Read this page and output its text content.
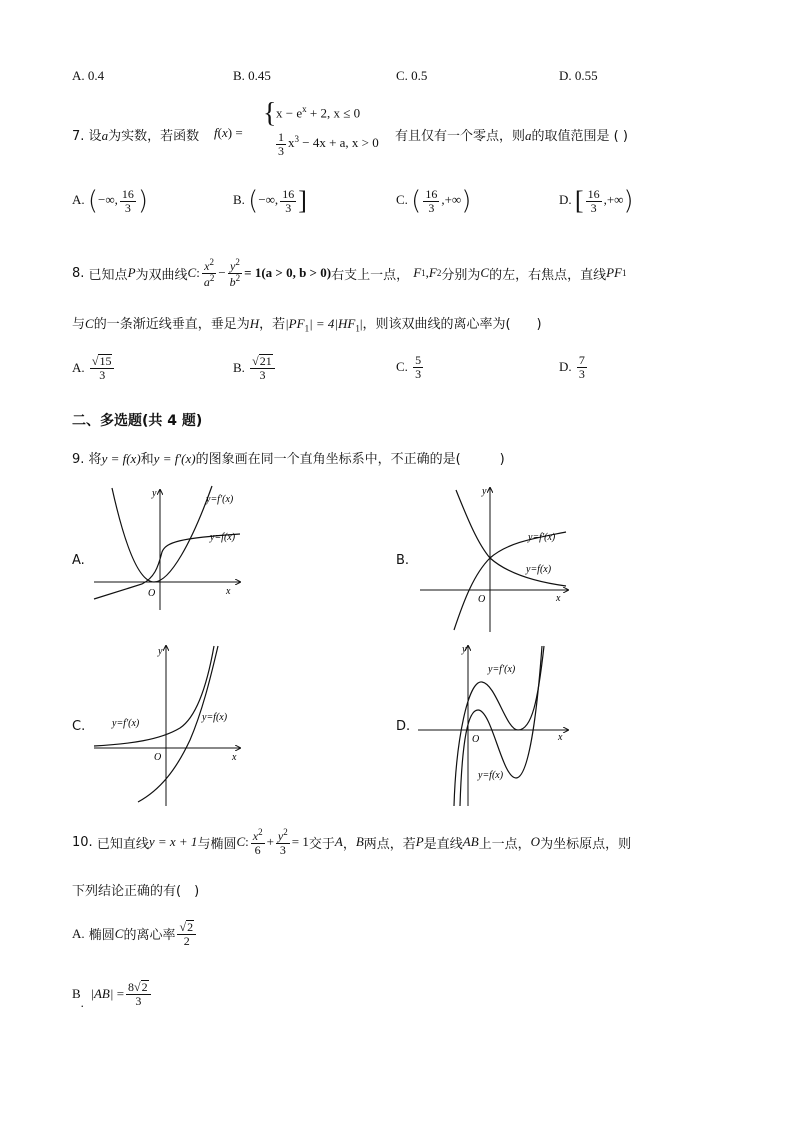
A. 0.4	B. 0.45	C. 0.5	D. 0.55
7. 设a为实数，若函数 f(x) =
{ $x - e^x + 2$, x ≤ 0
$\frac{1}{3} x^3 - 4x + a$, x > 0 有且仅有一个零点，则a的取值范围是 ( )
A. (−∞, $\frac{16}{3}$ )	B. (−∞, $\frac{16}{3}$ ]	C. ( $\frac{16}{3}$ ,+∞)	D. [ $\frac{16}{3}$ ,+∞)
8.
已知点 P 为双曲线 C : $\frac{x^2}{a^2} - \frac{y^2}{b^2} = 1$ (a > 0, b > 0) 右支上一点，
F 1 , F 2 分别为 C 的左，右焦点，直线 PF 1
与C的一条渐近线垂直，垂足为H，若$|PF_1| = 4|HF_1|$，则该双曲线的离心率为(　　)
A.
$\frac{√15}{3}$	B.
$\frac{√21}{3}$	C.
$\frac{5}{3}$	D.
$\frac{7}{3}$
二、多选题(共 4 题)
9. 将y = f(x)和y = f′(x)的图象画在同一个直角坐标系中，不正确的是(　　　)
A.
y=f′(x)
y=f(x)
y
x
O
B.
y=f′(x)
y=f(x)
y
x
O
C.	y=f′(x)
y=f(x)
y
x
O
D.
y=f′(x)
y=f(x)
y
x
O
10.
已知直线 y = x + 1 与椭圆 C : $\frac{x^2}{6} + \frac{y^2}{3} = 1$ 交于 A ， B 两点，若 P 是直线 AB 上一点， O 为坐标原点，则
下列结论正确的有(　)
A.
椭圆 C 的离心率 $\frac{√2}{2}$
B
.

|AB|
= $\frac{8√2}{3}$
